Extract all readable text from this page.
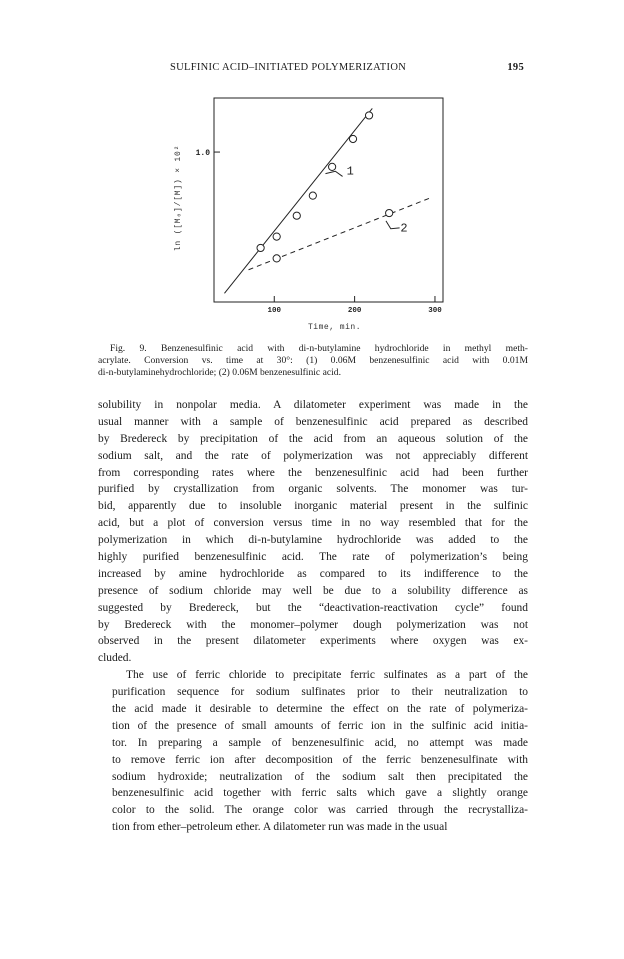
SULFINIC ACID–INITIATED POLYMERIZATION	195
ln ([M₀]/[M]) × 10² 1.0
100	200	300
1
2
Time, min.
Fig. 9. Benzenesulfinic acid with di-n-butylamine hydrochloride in methyl meth-
acrylate. Conversion vs. time at 30°: (1) 0.06M benzenesulfinic acid with 0.01M
di-n-butylaminehydrochloride; (2) 0.06M benzenesulfinic acid.

solubility in nonpolar media. A dilatometer experiment was made in the
usual manner with a sample of benzenesulfinic acid prepared as described
by Bredereck by precipitation of the acid from an aqueous solution of the
sodium salt, and the rate of polymerization was not appreciably different
from corresponding rates where the benzenesulfinic acid had been further
purified by crystallization from organic solvents. The monomer was tur-
bid, apparently due to insoluble inorganic material present in the sulfinic
acid, but a plot of conversion versus time in no way resembled that for the
polymerization in which di-n-butylamine hydrochloride was added to the
highly purified benzenesulfinic acid. The rate of polymerization’s being
increased by amine hydrochloride as compared to its indifference to the
presence of sodium chloride may well be due to a solubility difference as
suggested by Bredereck, but the “deactivation-reactivation cycle” found
by Bredereck with the monomer–polymer dough polymerization was not
observed in the present dilatometer experiments where oxygen was ex-
cluded.

The use of ferric chloride to precipitate ferric sulfinates as a part of the
purification sequence for sodium sulfinates prior to their neutralization to
the acid made it desirable to determine the effect on the rate of polymeriza-
tion of the presence of small amounts of ferric ion in the sulfinic acid initia-
tor. In preparing a sample of benzenesulfinic acid, no attempt was made
to remove ferric ion after decomposition of the ferric benzenesulfinate with
sodium hydroxide; neutralization of the sodium salt then precipitated the
benzenesulfinic acid together with ferric salts which gave a slightly orange
color to the solid. The orange color was carried through the recrystalliza-
tion from ether–petroleum ether. A dilatometer run was made in the usual
